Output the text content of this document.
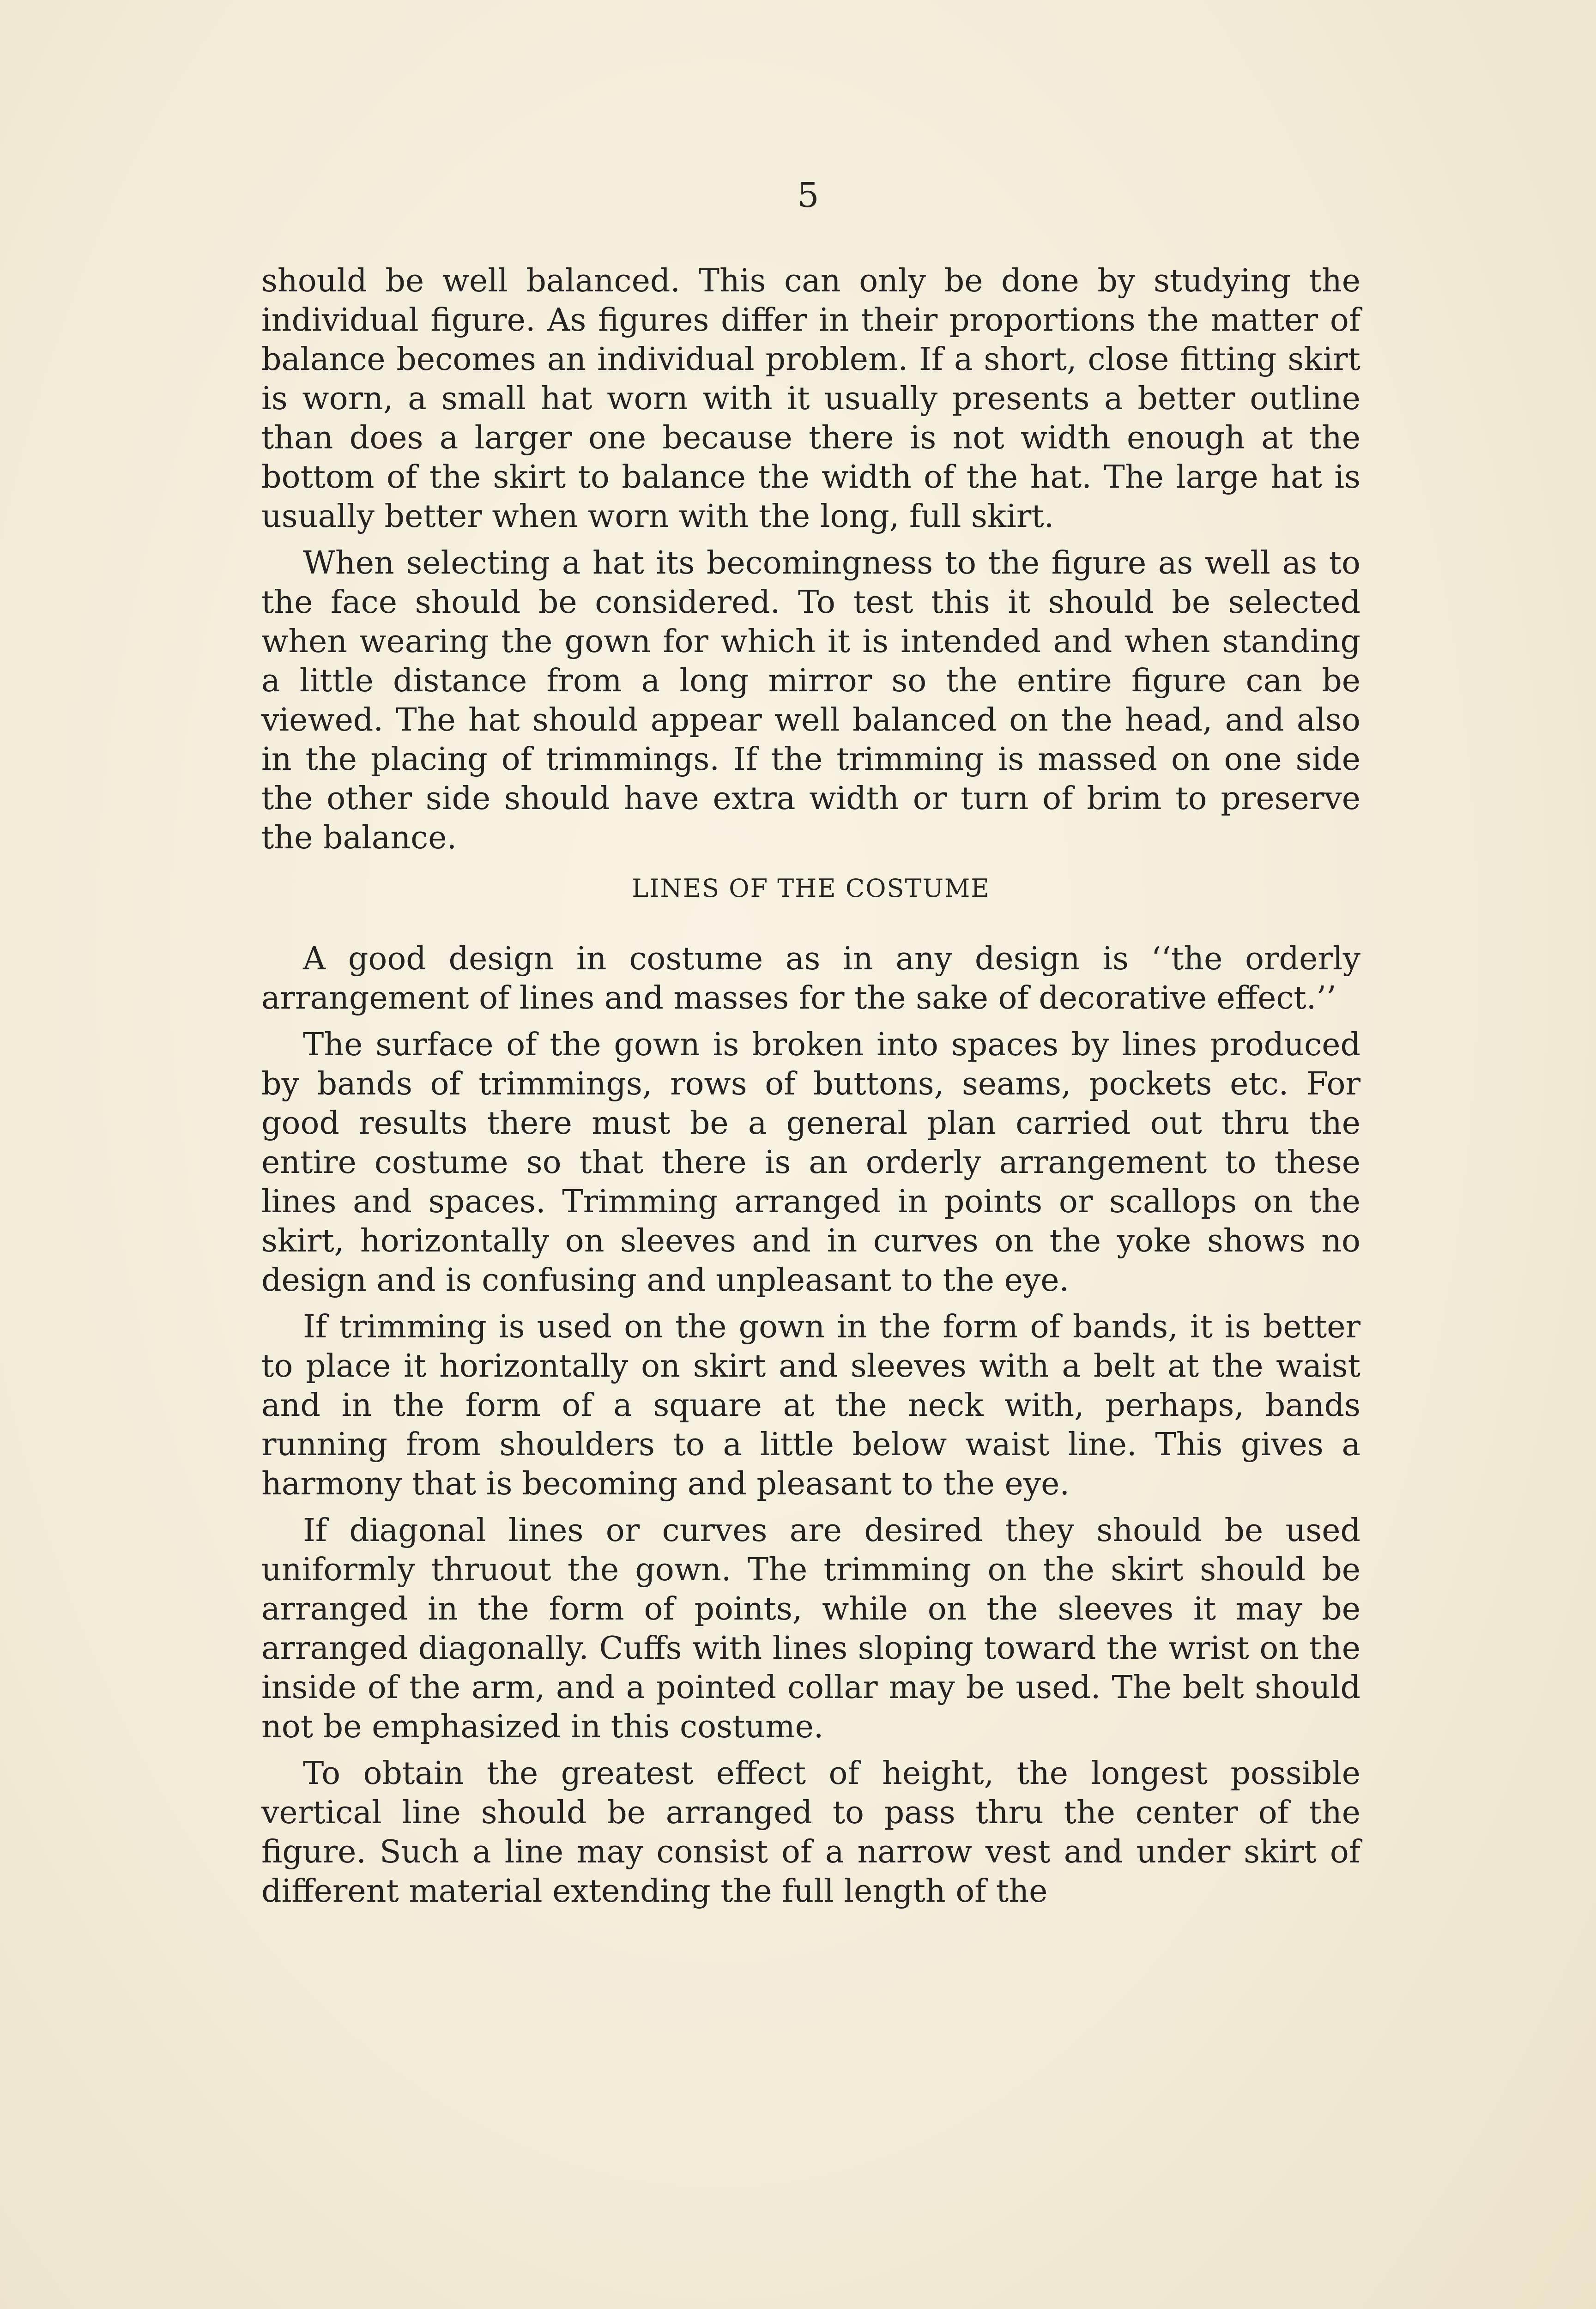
5

should be well balanced. This can only be done by studying the individual figure. As figures differ in their proportions the matter of balance becomes an individual problem. If a short, close fitting skirt is worn, a small hat worn with it usually presents a better outline than does a larger one because there is not width enough at the bottom of the skirt to balance the width of the hat. The large hat is usually better when worn with the long, full skirt.

When selecting a hat its becomingness to the figure as well as to the face should be considered. To test this it should be selected when wearing the gown for which it is intended and when standing a little distance from a long mirror so the entire figure can be viewed. The hat should appear well balanced on the head, and also in the placing of trimmings. If the trimming is massed on one side the other side should have extra width or turn of brim to preserve the balance.

LINES OF THE COSTUME

A good design in costume as in any design is ‘‘the orderly arrangement of lines and masses for the sake of decorative effect.’’

The surface of the gown is broken into spaces by lines produced by bands of trimmings, rows of buttons, seams, pockets etc. For good results there must be a general plan carried out thru the entire costume so that there is an orderly arrangement to these lines and spaces. Trimming arranged in points or scallops on the skirt, horizontally on sleeves and in curves on the yoke shows no design and is confusing and unpleasant to the eye.

If trimming is used on the gown in the form of bands, it is better to place it horizontally on skirt and sleeves with a belt at the waist and in the form of a square at the neck with, perhaps, bands running from shoulders to a little below waist line. This gives a harmony that is becoming and pleasant to the eye.

If diagonal lines or curves are desired they should be used uniformly thruout the gown. The trimming on the skirt should be arranged in the form of points, while on the sleeves it may be arranged diagonally. Cuffs with lines sloping toward the wrist on the inside of the arm, and a pointed collar may be used. The belt should not be emphasized in this costume.

To obtain the greatest effect of height, the longest possible vertical line should be arranged to pass thru the center of the figure. Such a line may consist of a narrow vest and under skirt of different material extending the full length of the
